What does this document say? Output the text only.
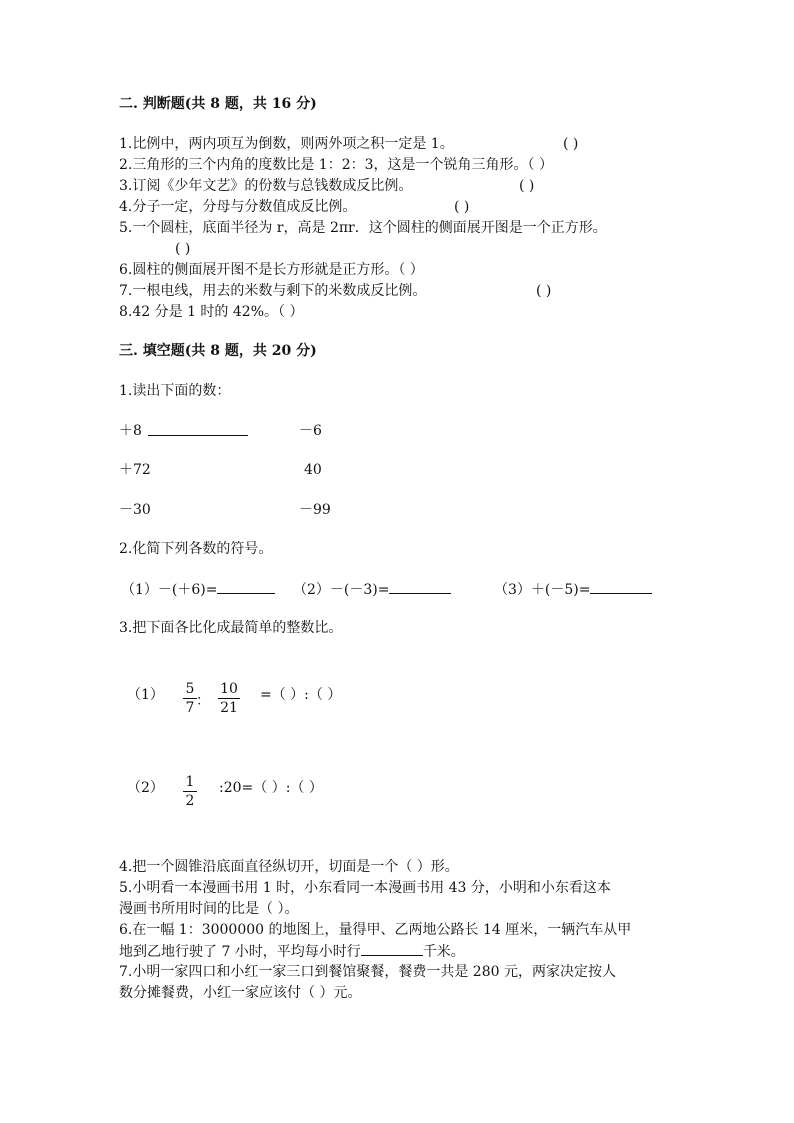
二. 判断题(共 8 题，共 16 分)
1.比例中，两内项互为倒数，则两外项之积一定是 1。	( )
2.三角形的三个内角的度数比是 1：2：3，这是一个锐角三角形。（ ）
3.订阅《少年文艺》的份数与总钱数成反比例。	( )
4.分子一定，分母与分数值成反比例。	( )
5.一个圆柱，底面半径为 r，高是 2πr．这个圆柱的侧面展开图是一个正方形。
( )
6.圆柱的侧面展开图不是长方形就是正方形。（ ）
7.一根电线，用去的米数与剩下的米数成反比例。	( )
8.42 分是 1 时的 42%。（ ）
三. 填空题(共 8 题，共 20 分)
1.读出下面的数：
＋8	－6
＋72	40
－30	－99
2.化简下列各数的符号。
（1）－(＋6)=	（2）－(－3)=	（3）＋(－5)=
3.把下面各比化成最简单的整数比。
（1） 5
7 ：
10
21
=（ ）:（ ）
（2） 1
2
:20=（ ）:（ ）
4.把一个圆锥沿底面直径纵切开，切面是一个（ ）形。
5.小明看一本漫画书用 1 时，小东看同一本漫画书用 43 分，小明和小东看这本
漫画书所用时间的比是（ ）。
6.在一幅 1：3000000 的地图上，量得甲、乙两地公路长 14 厘米，一辆汽车从甲
地到乙地行驶了 7 小时，平均每小时行	千米。
7.小明一家四口和小红一家三口到餐馆聚餐，餐费一共是 280 元，两家决定按人
数分摊餐费，小红一家应该付（ ）元。
